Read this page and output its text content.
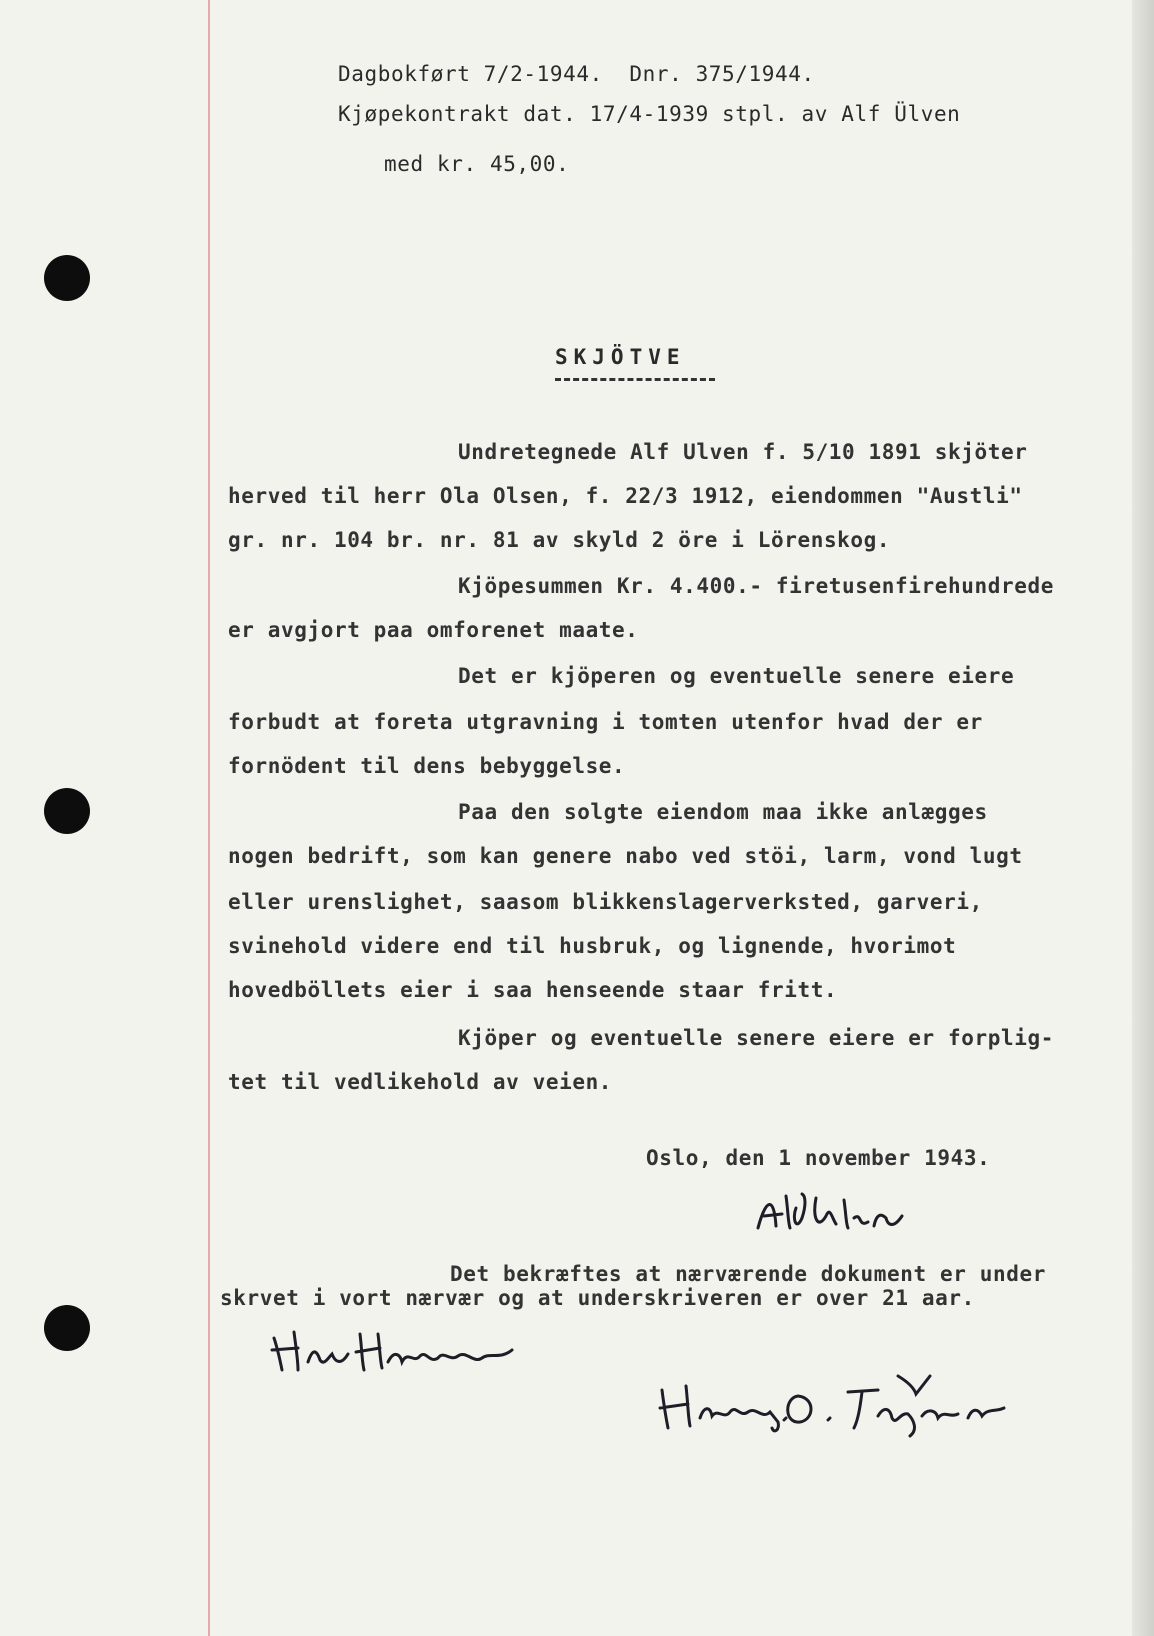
Dagbokført 7/2-1944.  Dnr. 375/1944.
Kjøpekontrakt dat. 17/4-1939 stpl. av Alf Ülven
med kr. 45,00.
SKJÖTVE
Undretegnede Alf Ulven f. 5/10 1891 skjöter
herved til herr Ola Olsen, f. 22/3 1912, eiendommen "Austli"
gr. nr. 104 br. nr. 81 av skyld 2 öre i Lörenskog.
Kjöpesummen Kr. 4.400.- firetusenfirehundrede
er avgjort paa omforenet maate.
Det er kjöperen og eventuelle senere eiere
forbudt at foreta utgravning i tomten utenfor hvad der er
fornödent til dens bebyggelse.
Paa den solgte eiendom maa ikke anlægges
nogen bedrift, som kan genere nabo ved stöi, larm, vond lugt
eller urenslighet, saasom blikkenslagerverksted, garveri,
svinehold videre end til husbruk, og lignende, hvorimot
hovedböllets eier i saa henseende staar fritt.
Kjöper og eventuelle senere eiere er forplig-
tet til vedlikehold av veien.
Oslo, den 1 november 1943.
Det bekræftes at nærværende dokument er under
skrvet i vort nærvær og at underskriveren er over 21 aar.
